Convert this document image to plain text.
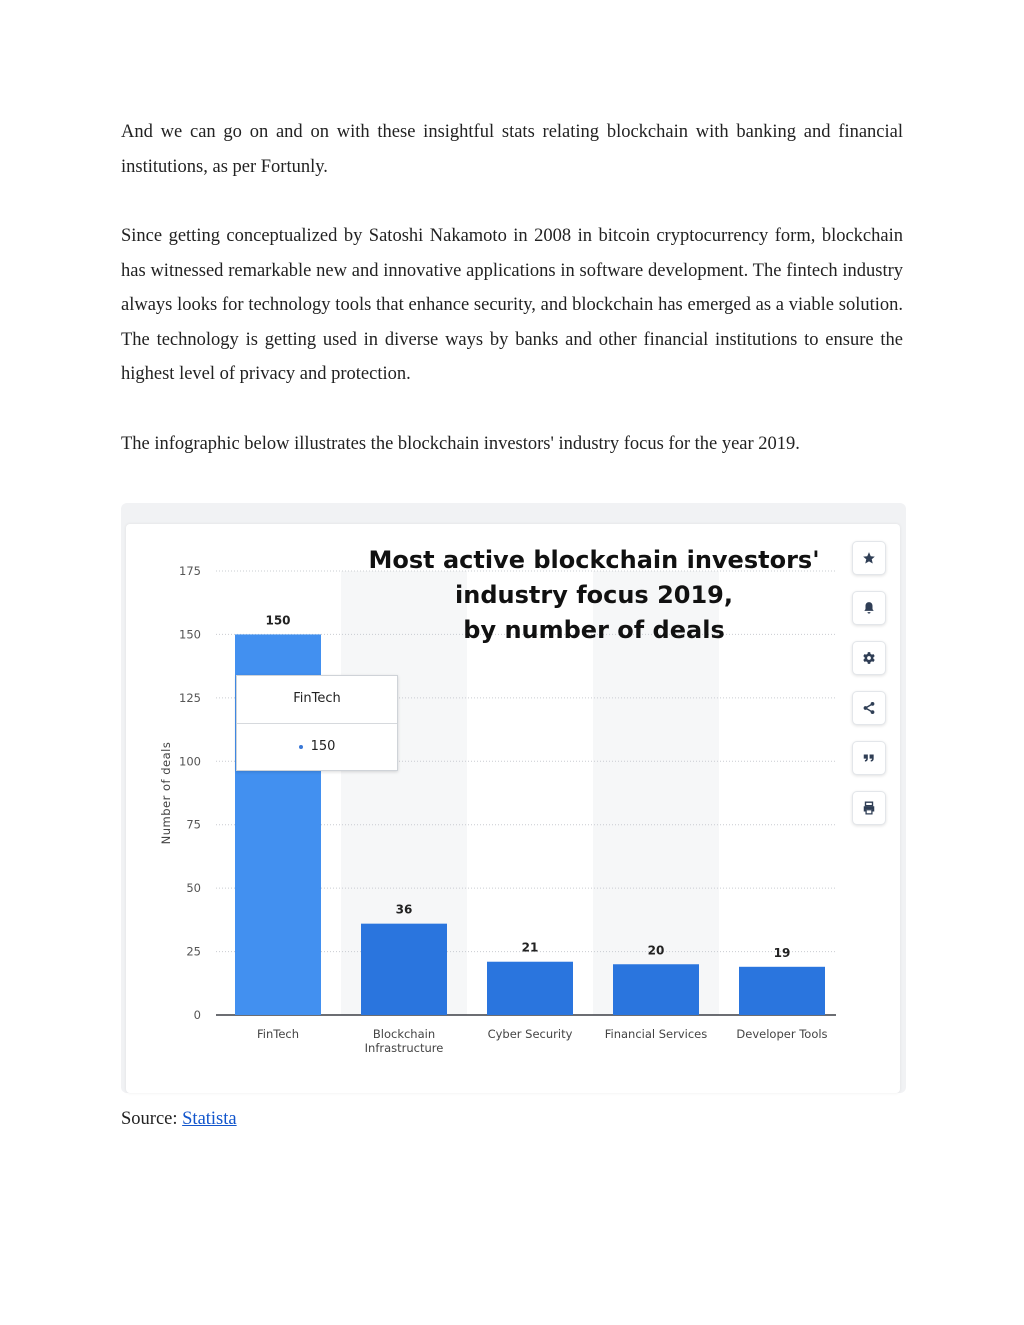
And we can go on and on with these insightful stats relating blockchain with banking and financial institutions, as per Fortunly.

Since getting conceptualized by Satoshi Nakamoto in 2008 in bitcoin cryptocurrency form, blockchain has witnessed remarkable new and innovative applications in software development. The fintech industry always looks for technology tools that enhance security, and blockchain has emerged as a viable solution. The technology is getting used in diverse ways by banks and other financial institutions to ensure the highest level of privacy and protection.

The infographic below illustrates the blockchain investors' industry focus for the year 2019.

0
25
50
75
100
125
150
175
Number of deals
150
FinTech
36
Blockchain
Infrastructure
21
Cyber Security
20
Financial Services
19
Developer Tools
Most active blockchain investors'
industry focus 2019,
by number of deals
FinTech
150
Source: Statista
